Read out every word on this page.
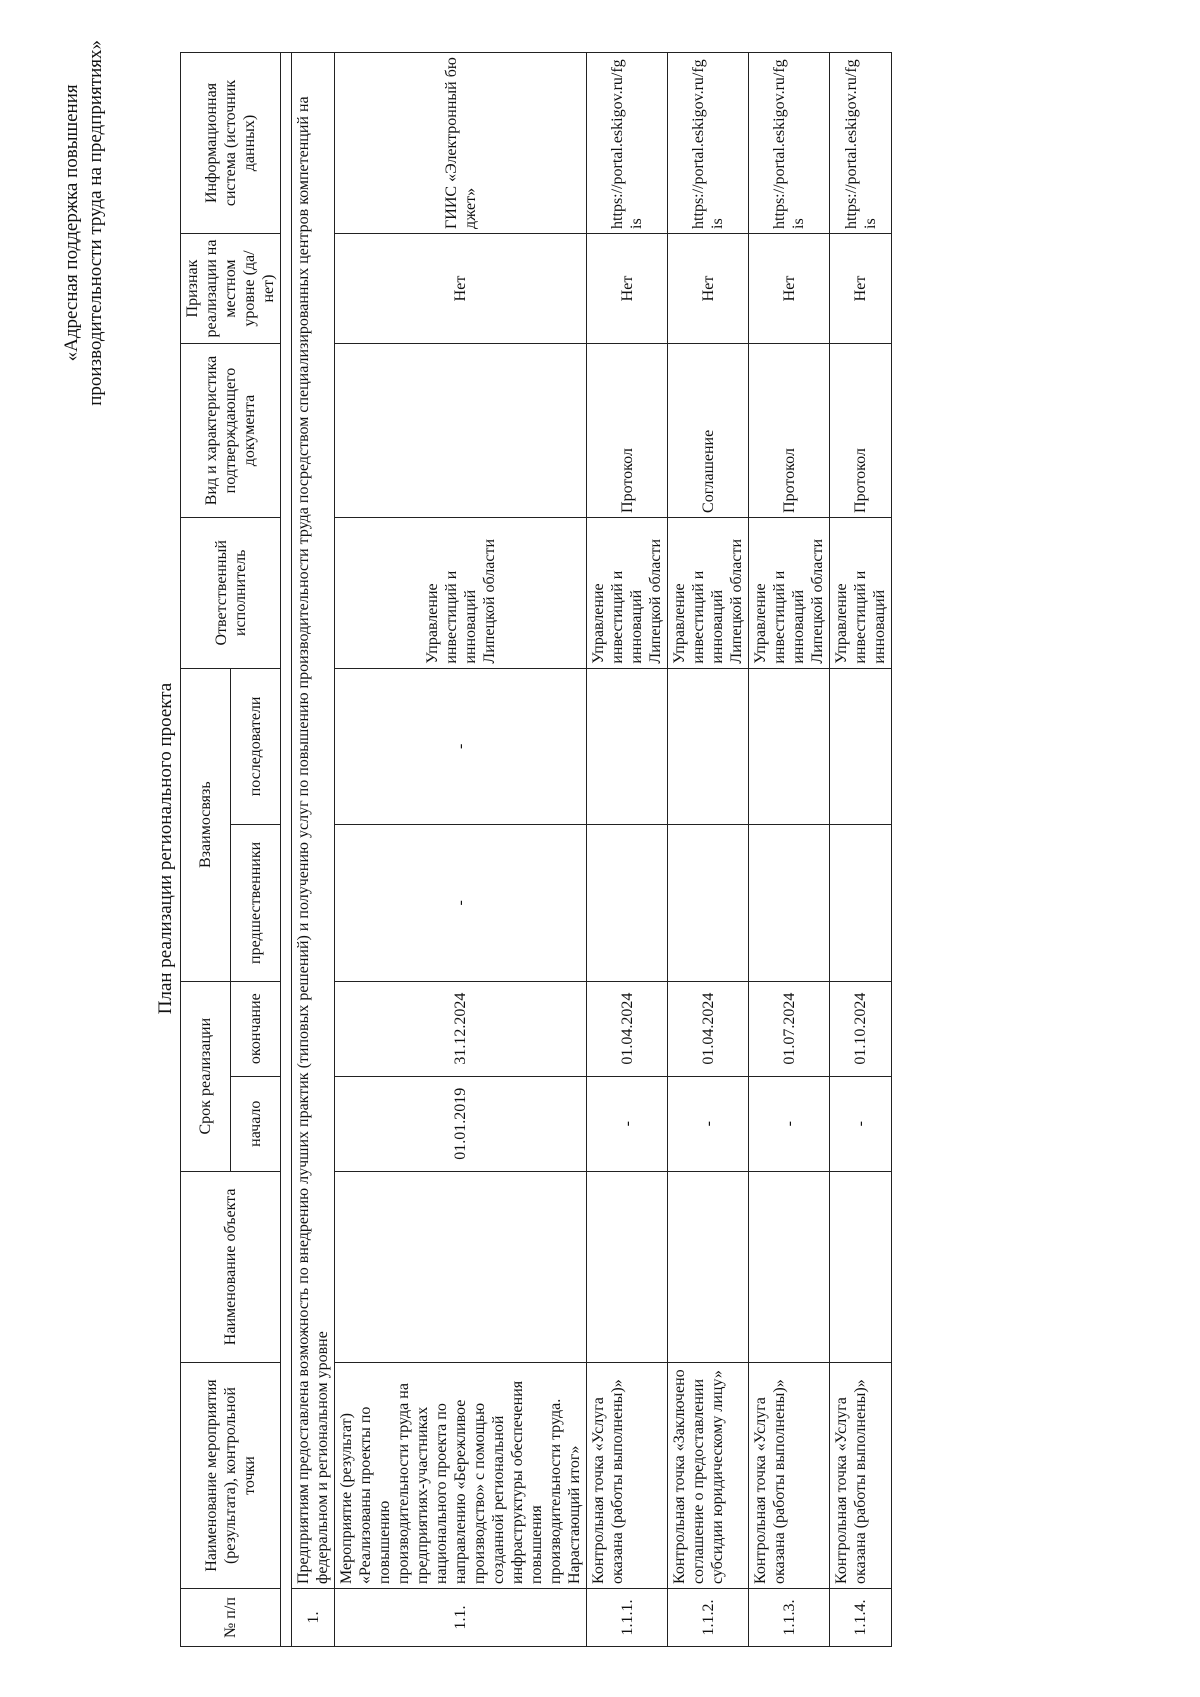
«Адресная поддержка повышения производительности труда на предприятиях»
План реализации регионального проекта
№ п/п	Наименование мероприятия (результата), контрольной точки	Наименование объекта	Срок реализации		Взаимосвязь		Ответственный исполнитель	Вид и характеристика подтверждающего документа	Признак реализации на местном уровне (да/нет)	Информационная система (источник данных)
			начало	окончание	предшественники	последователи				

1.	Предприятиям предоставлена возможность по внедрению лучших практик (типовых решений) и получению услуг по повышению производительности труда посредством специализированных центров компетенций на федеральном и региональном уровне									
1.1.	Мероприятие (результат) «Реализованы проекты по повышению производительности труда на предприятиях-участниках национального проекта по направлению «Бережливое производство» с помощью созданной региональной инфраструктуры обеспечения повышения производительности труда. Нарастающий итог»		01.01.2019	31.12.2024	-	-	Управление инвестиций и инноваций Липецкой области		Нет	ГИИС «Электронный бюджет»
1.1.1.	Контрольная точка «Услуга оказана (работы выполнены)»		-	01.04.2024			Управление инвестиций и инноваций Липецкой области	Протокол	Нет	https://portal.eskigov.ru/fgis
1.1.2.	Контрольная точка «Заключено соглашение о предоставлении субсидии юридическому лицу»		-	01.04.2024			Управление инвестиций и инноваций Липецкой области	Соглашение	Нет	https://portal.eskigov.ru/fgis
1.1.3.	Контрольная точка «Услуга оказана (работы выполнены)»		-	01.07.2024			Управление инвестиций и инноваций Липецкой области	Протокол	Нет	https://portal.eskigov.ru/fgis
1.1.4.	Контрольная точка «Услуга оказана (работы выполнены)»		-	01.10.2024			Управление инвестиций и инноваций	Протокол	Нет	https://portal.eskigov.ru/fgis
